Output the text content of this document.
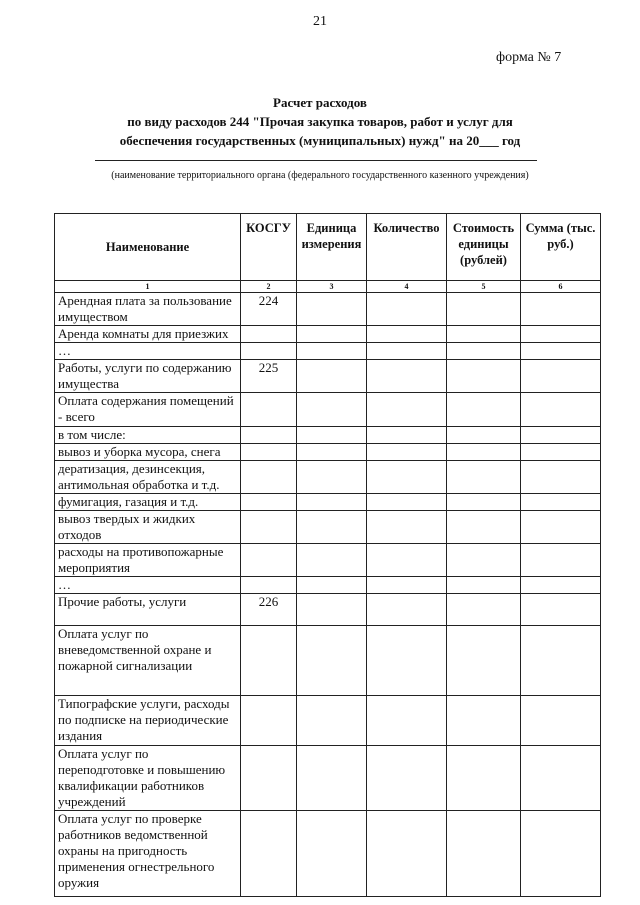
21
форма № 7
Расчет расходов
по виду расходов 244 "Прочая закупка товаров, работ и услуг для
обеспечения государственных (муниципальных) нужд" на 20___ год
(наименование территориального органа (федерального государственного казенного учреждения)
Наименование	КОСГУ	Единица измерения	Количество	Стоимость единицы (рублей)	Сумма (тыс. руб.)
1	2	3	4	5	6
Арендная плата за пользование имуществом	224				
Аренда комнаты для приезжих					
…					
Работы, услуги по содержанию имущества	225				
Оплата содержания помещений - всего					
в том числе:					
вывоз и уборка мусора, снега					
дератизация, дезинсекция, антимольная обработка и т.д.					
фумигация, газация и т.д.					
вывоз твердых и жидких отходов					
расходы на противопожарные мероприятия					
…					
Прочие работы, услуги	226				
Оплата услуг по вневедомственной охране и пожарной сигнализации					
Типографские услуги, расходы по подписке на периодические издания					
Оплата услуг по переподготовке и повышению квалификации работников учреждений					
Оплата услуг по проверке работников ведомственной охраны на пригодность применения огнестрельного оружия					
